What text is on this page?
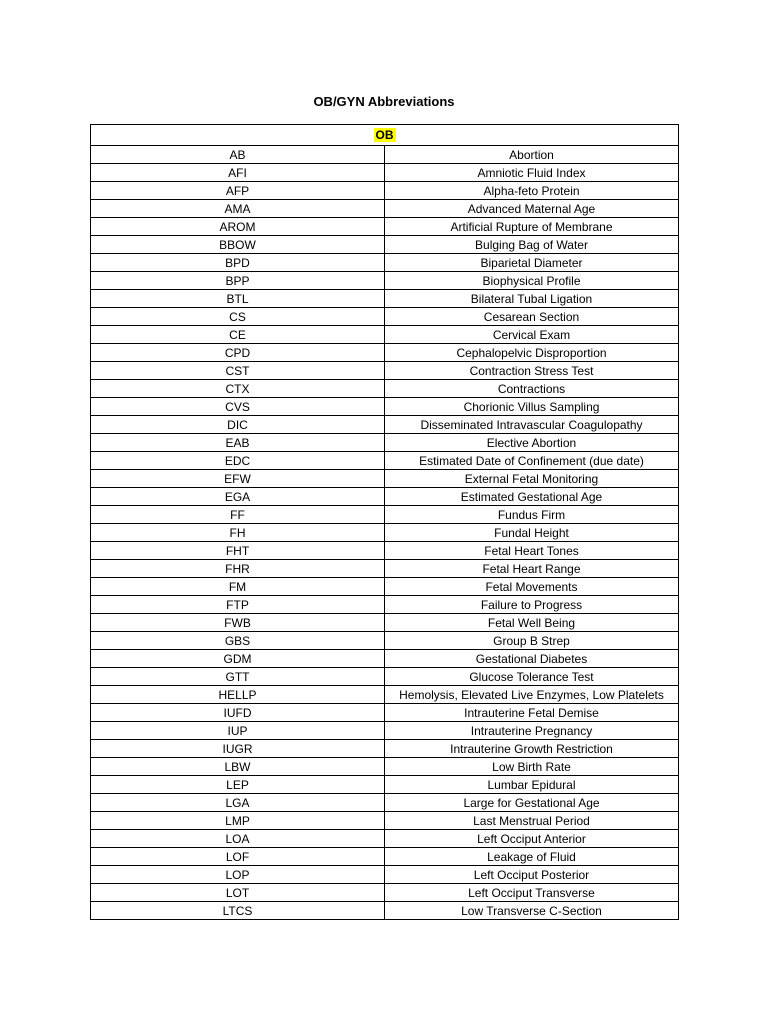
OB/GYN Abbreviations
OB	
AB	Abortion
AFI	Amniotic Fluid Index
AFP	Alpha-feto Protein
AMA	Advanced Maternal Age
AROM	Artificial Rupture of Membrane
BBOW	Bulging Bag of Water
BPD	Biparietal Diameter
BPP	Biophysical Profile
BTL	Bilateral Tubal Ligation
CS	Cesarean Section
CE	Cervical Exam
CPD	Cephalopelvic Disproportion
CST	Contraction Stress Test
CTX	Contractions
CVS	Chorionic Villus Sampling
DIC	Disseminated Intravascular Coagulopathy
EAB	Elective Abortion
EDC	Estimated Date of Confinement (due date)
EFW	External Fetal Monitoring
EGA	Estimated Gestational Age
FF	Fundus Firm
FH	Fundal Height
FHT	Fetal Heart Tones
FHR	Fetal Heart Range
FM	Fetal Movements
FTP	Failure to Progress
FWB	Fetal Well Being
GBS	Group B Strep
GDM	Gestational Diabetes
GTT	Glucose Tolerance Test
HELLP	Hemolysis, Elevated Live Enzymes, Low Platelets
IUFD	Intrauterine Fetal Demise
IUP	Intrauterine Pregnancy
IUGR	Intrauterine Growth Restriction
LBW	Low Birth Rate
LEP	Lumbar Epidural
LGA	Large for Gestational Age
LMP	Last Menstrual Period
LOA	Left Occiput Anterior
LOF	Leakage of Fluid
LOP	Left Occiput Posterior
LOT	Left Occiput Transverse
LTCS	Low Transverse C-Section
